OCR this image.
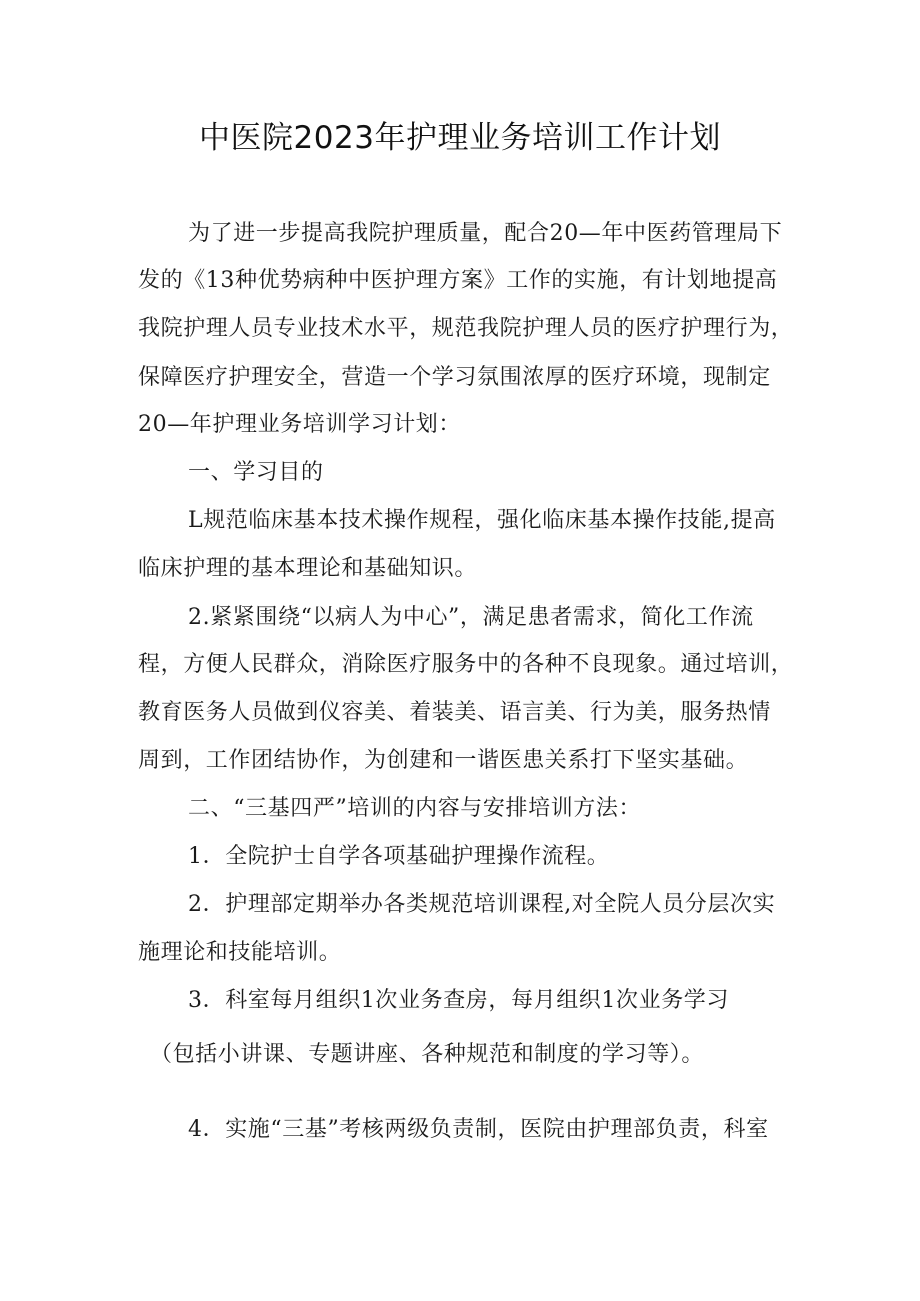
中医院2023年护理业务培训工作计划
为了进一步提高我院护理质量，配合20—年中医药管理局下
发的《13种优势病种中医护理方案》工作的实施，有计划地提高
我院护理人员专业技术水平，规范我院护理人员的医疗护理行为，
保障医疗护理安全，营造一个学习氛围浓厚的医疗环境，现制定
20—年护理业务培训学习计划：
一、学习目的
L规范临床基本技术操作规程，强化临床基本操作技能,提高
临床护理的基本理论和基础知识。
2.紧紧围绕“以病人为中心”，满足患者需求，简化工作流
程，方便人民群众，消除医疗服务中的各种不良现象。通过培训，
教育医务人员做到仪容美、着装美、语言美、行为美，服务热情
周到，工作团结协作，为创建和一谐医患关系打下坚实基础。
二、“三基四严”培训的内容与安排培训方法：
1．全院护士自学各项基础护理操作流程。
2．护理部定期举办各类规范培训课程,对全院人员分层次实
施理论和技能培训。
3．科室每月组织1次业务查房，每月组织1次业务学习
（包括小讲课、专题讲座、各种规范和制度的学习等）。
4．实施“三基”考核两级负责制，医院由护理部负责，科室
